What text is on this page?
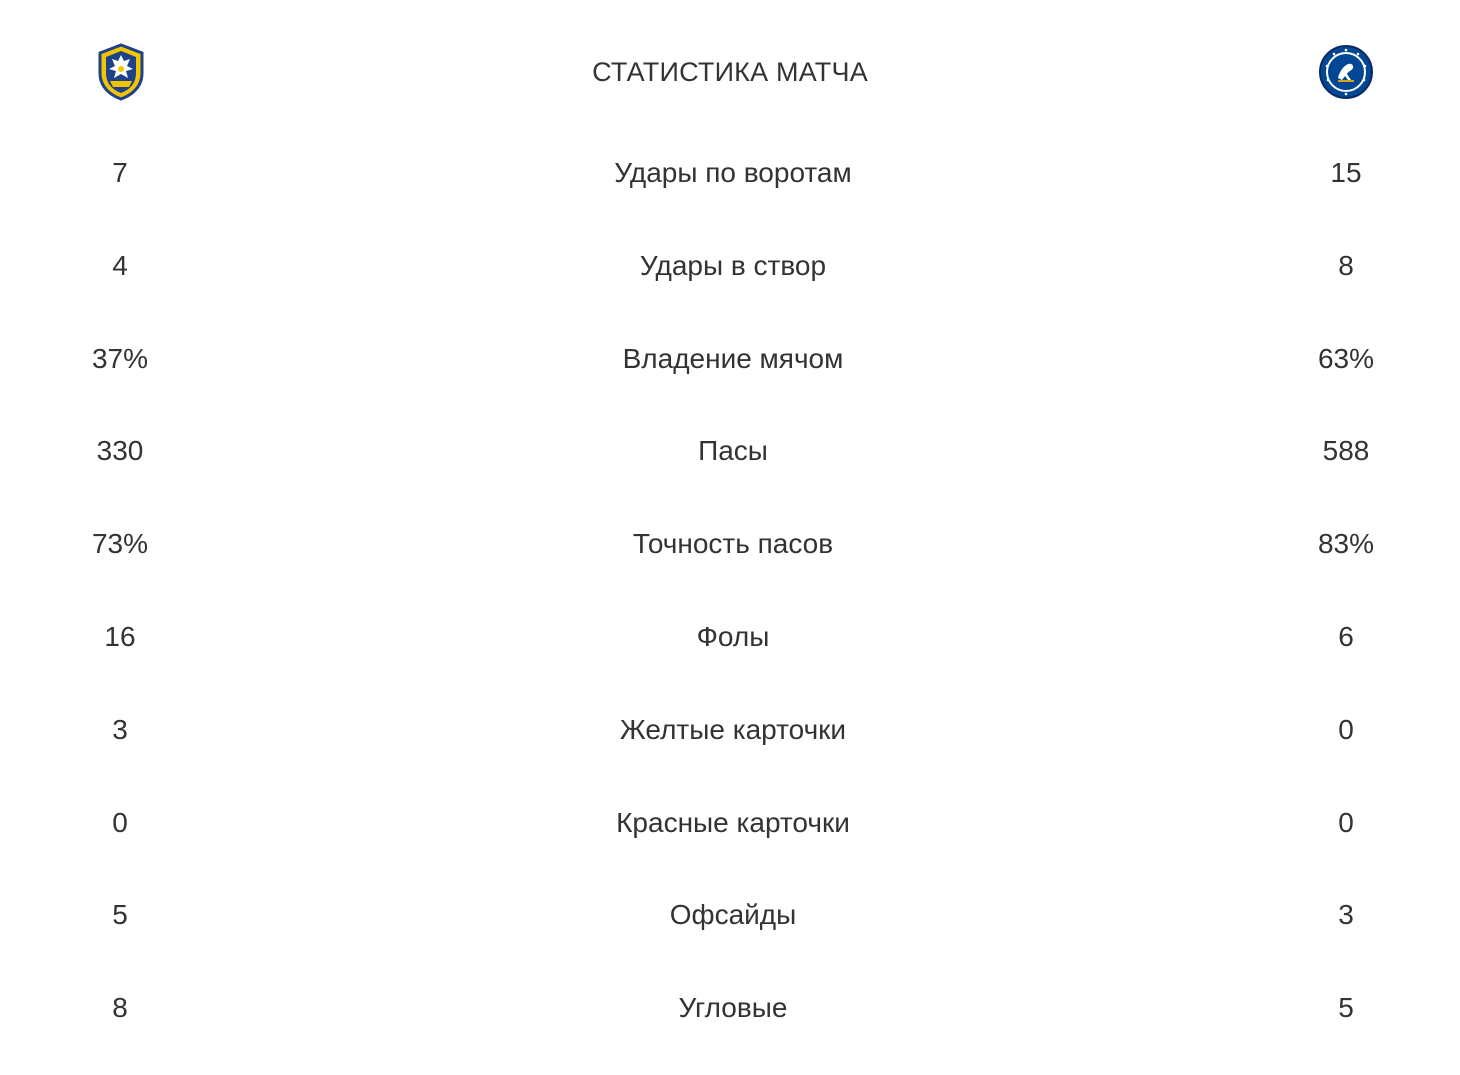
СТАТИСТИКА МАТЧА
7	Удары по воротам	15
4	Удары в створ	8
37%	Владение мячом	63%
330	Пасы	588
73%	Точность пасов	83%
16	Фолы	6
3	Желтые карточки	0
0	Красные карточки	0
5	Офсайды	3
8	Угловые	5
